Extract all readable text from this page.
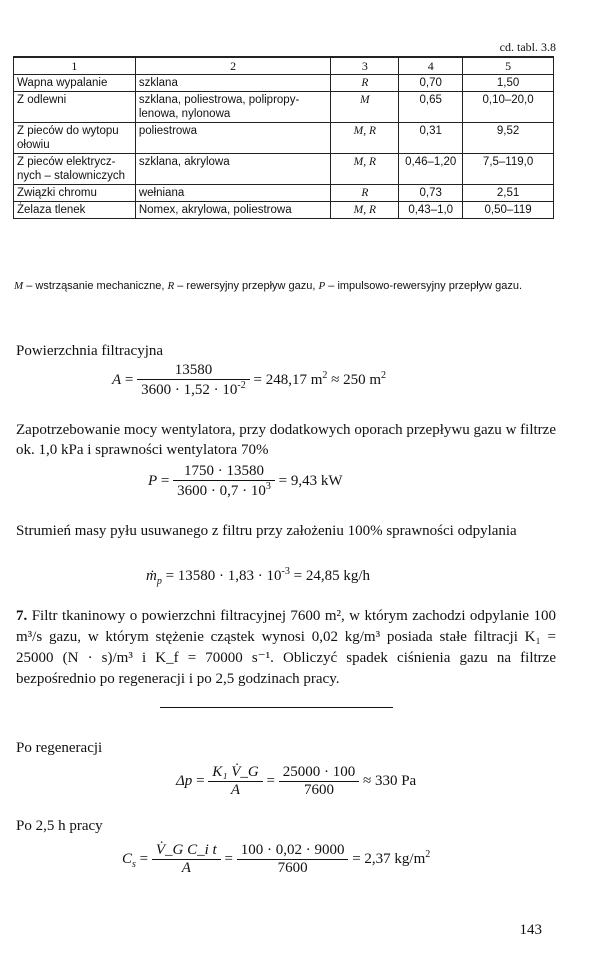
cd. tabl. 3.8
1	2	3	4	5
Wapna wypalanie	szklana	R	0,70	1,50
Z odlewni	szklana, poliestrowa, polipropy-lenowa, nylonowa	M	0,65	0,10–20,0
Z pieców do wytopu ołowiu	poliestrowa	M, R	0,31	9,52
Z pieców elektrycz-nych – stalowniczych	szklana, akrylowa	M, R	0,46–1,20	7,5–119,0
Związki chromu	wełniana	R	0,73	2,51
Żelaza tlenek	Nomex, akrylowa, poliestrowa	M, R	0,43–1,0	0,50–119
M – wstrząsanie mechaniczne, R – rewersyjny przepływ gazu, P – impulsowo-rewersyjny przepływ gazu.
Powierzchnia filtracyjna
$A = \frac{13580}{3600 \cdot 1,52 \cdot 10^{-2}} = 248,17$ $m^2 \approx 250$ $m^2$
Zapotrzebowanie mocy wentylatora, przy dodatkowych oporach przepływu gazu w filtrze ok. 1,0 kPa i sprawności wentylatora 70%
$P = \frac{1750 \cdot 13580}{3600 \cdot 0,7 \cdot 10^3} = 9,43$ kW
Strumień masy pyłu usuwanego z filtru przy założeniu 100% sprawności odpylania
ṁ$_p$ = $13580 \cdot 1,83 \cdot 10^{-3} = 24,85$ kg/h
7. Filtr tkaninowy o powierzchni filtracyjnej 7600 m², w którym zachodzi odpylanie 100 m³/s gazu, w którym stężenie cząstek wynosi 0,02 kg/m³ posiada stałe filtracji K₁ = 25000 (N · s)/m³ i K_f = 70000 s⁻¹. Obliczyć spadek ciśnienia gazu na filtrze bezpośrednio po regeneracji i po 2,5 godzinach pracy.
Po regeneracji
$\Delta p = \frac{\text{K₁ V̇\_G}}{A} = \frac{25000 \cdot 100}{7600} \approx 330$ Pa
Po 2,5 h pracy
$C_s = \frac{\text{V̇\_G C\_i t}}{A} = \frac{100 \cdot 0,02 \cdot 9000}{7600} = 2,37$ $kg/m^2$
143
